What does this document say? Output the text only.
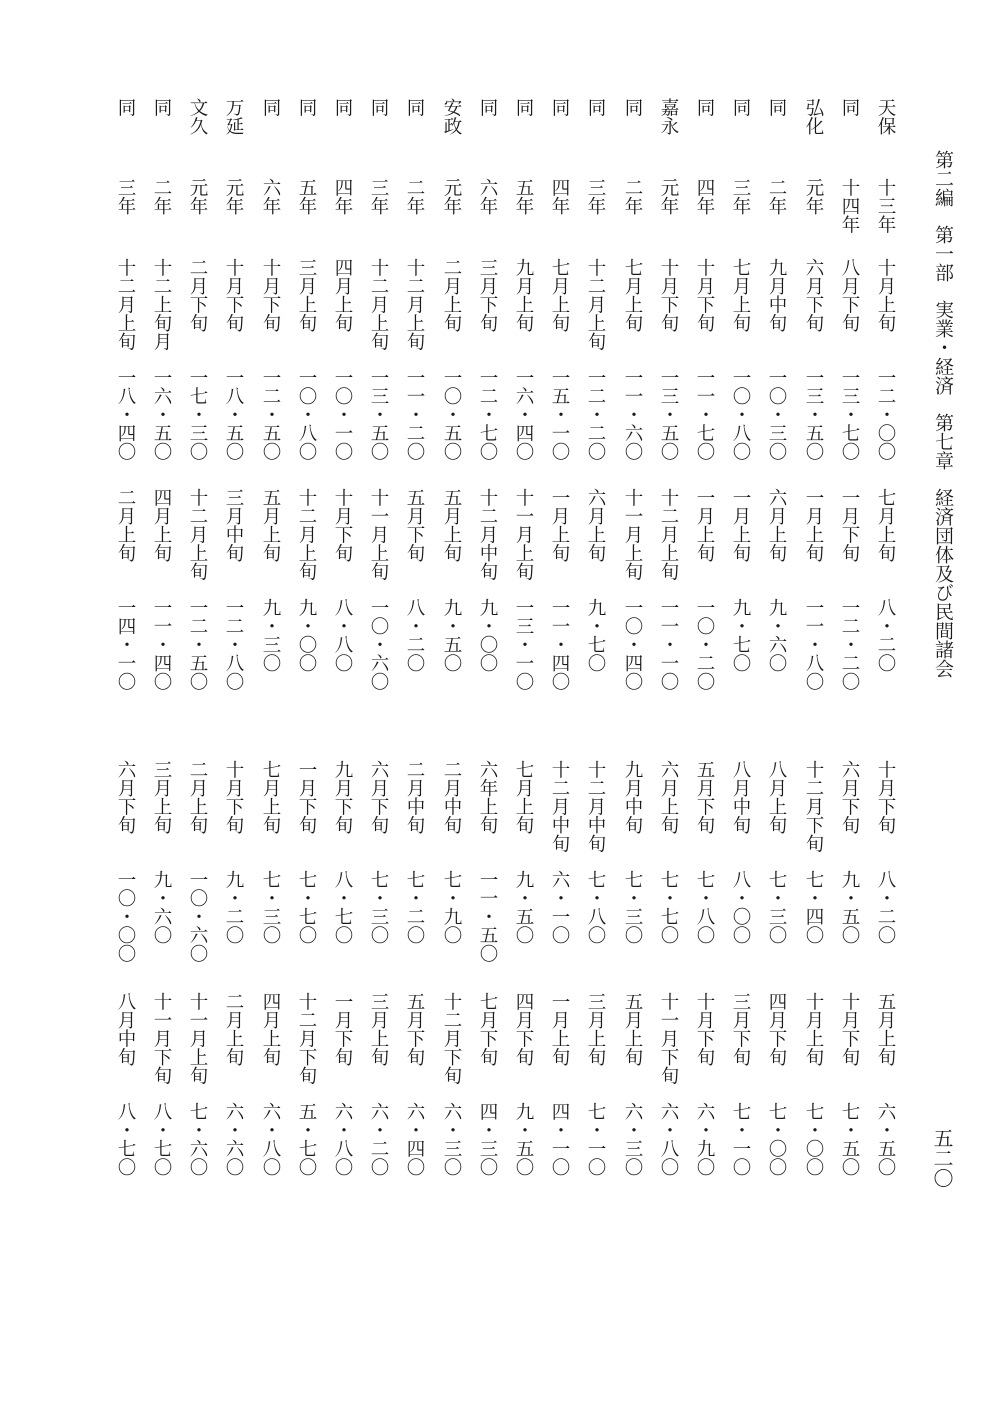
第二編第一部実業・経済第七章経済団体及び民間諸会
天保
十三年
十月上旬
一二・〇〇
七月上旬
八・二〇
同
十四年
八月下旬
一三・七〇
一月下旬
一二・二〇
弘化
元年
六月下旬
一三・五〇
一月上旬
一一・八〇
同
二年
九月中旬
一〇・三〇
六月上旬
九・六〇
同
三年
七月上旬
一〇・八〇
一月上旬
九・七〇
同
四年
十月下旬
一一・七〇
一月上旬
一〇・二〇
嘉永
元年
十月下旬
一三・五〇
十二月上旬
一一・一〇
同
二年
七月上旬
一一・六〇
十一月上旬
一〇・四〇
同
三年
十二月上旬
一二・二〇
六月上旬
九・七〇
同
四年
七月上旬
一五・一〇
一月上旬
一一・四〇
同
五年
九月上旬
一六・四〇
十一月上旬
一三・一〇
同
六年
三月下旬
一二・七〇
十二月中旬
九・〇〇
安政
元年
二月上旬
一〇・五〇
五月上旬
九・五〇
同
二年
十二月上旬
一一・二〇
五月下旬
八・二〇
同
三年
十二月上旬
一三・五〇
十一月上旬
一〇・六〇
同
四年
四月上旬
一〇・一〇
十月下旬
八・八〇
同
五年
三月上旬
一〇・八〇
十二月上旬
九・〇〇
同
六年
十月下旬
一二・五〇
五月上旬
九・三〇
万延
元年
十月下旬
一八・五〇
三月中旬
一二・八〇
文久
元年
二月下旬
一七・三〇
十二月上旬
一二・五〇
同
二年
十二上旬月
一六・五〇
四月上旬
一一・四〇
同
三年
十二月上旬
一八・四〇
二月上旬
一四・一〇
十月下旬
八・二〇
五月上旬
六・五〇
六月下旬
九・五〇
十月下旬
七・五〇
十二月下旬
七・四〇
十月上旬
七・〇〇
八月上旬
七・三〇
四月下旬
七・〇〇
八月中旬
八・〇〇
三月下旬
七・一〇
五月下旬
七・八〇
十月下旬
六・九〇
六月上旬
七・七〇
十一月下旬
六・八〇
九月中旬
七・三〇
五月上旬
六・三〇
十二月中旬
七・八〇
三月上旬
七・一〇
十二月中旬
六・一〇
一月上旬
四・一〇
七月上旬
九・五〇
四月下旬
九・五〇
六年上旬
一一・五〇
七月下旬
四・三〇
二月中旬
七・九〇
十二月下旬
六・三〇
二月中旬
七・二〇
五月下旬
六・四〇
六月下旬
七・三〇
三月上旬
六・二〇
九月下旬
八・七〇
一月下旬
六・八〇
一月下旬
七・七〇
十二月下旬
五・七〇
七月上旬
七・三〇
四月上旬
六・八〇
十月下旬
九・二〇
二月上旬
六・六〇
二月上旬
一〇・六〇
十一月上旬
七・六〇
三月上旬
九・六〇
十一月下旬
八・七〇
六月下旬
一〇・〇〇
八月中旬
八・七〇	五二〇
